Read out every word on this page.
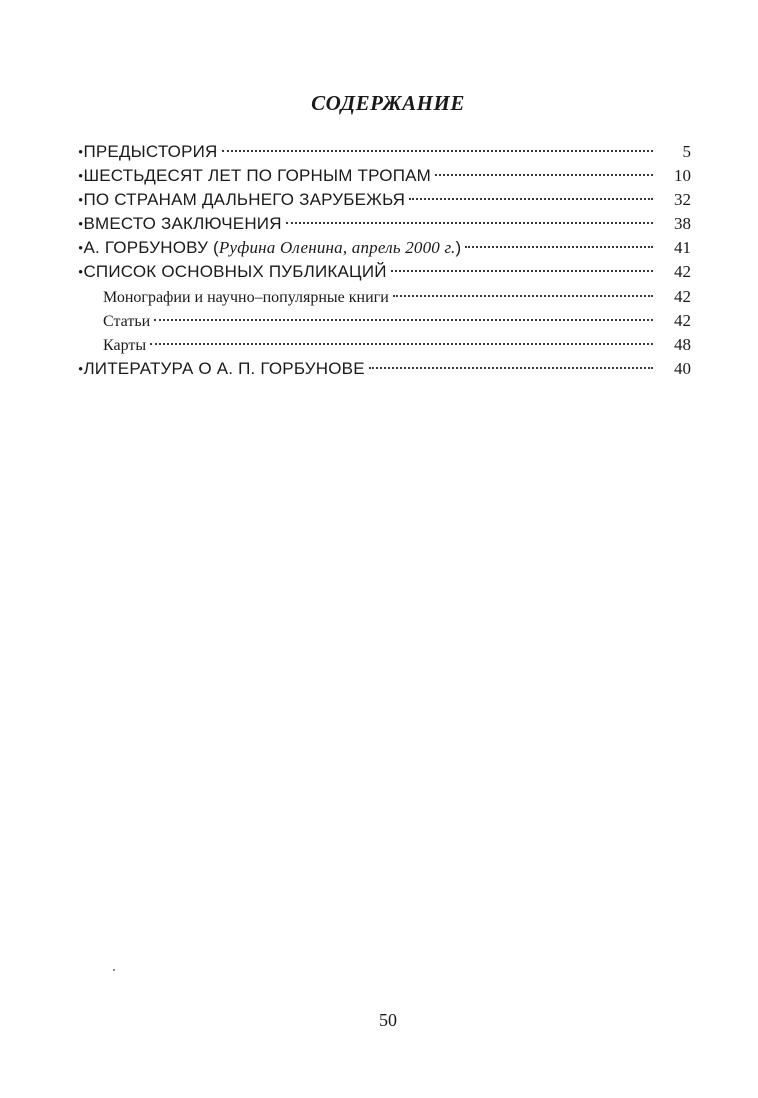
СОДЕРЖАНИЕ
•ПРЕДЫСТОРИЯ	5
•ШЕСТЬДЕСЯТ ЛЕТ ПО ГОРНЫМ ТРОПАМ	10
•ПО СТРАНАМ ДАЛЬНЕГО ЗАРУБЕЖЬЯ	32
•ВМЕСТО ЗАКЛЮЧЕНИЯ	38
•А. ГОРБУНОВУ (Руфина Оленина, апрель 2000 г.)	41
•СПИСОК ОСНОВНЫХ ПУБЛИКАЦИЙ	42
Монографии и научно–популярные книги	42
Статьи	42
Карты	48
•ЛИТЕРАТУРА О А. П. ГОРБУНОВЕ	40
50
